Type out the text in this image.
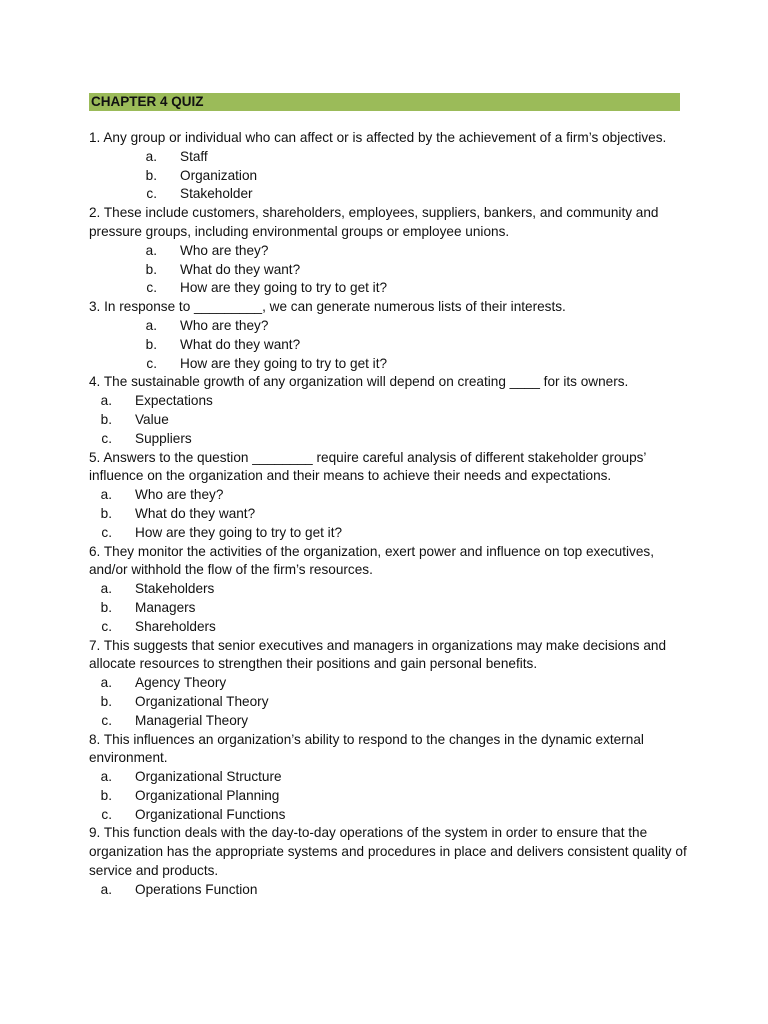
CHAPTER 4 QUIZ

1. Any group or individual who can affect or is affected by the achievement of a firm’s objectives.

a.	Staff
b.	Organization
c.	Stakeholder

2. These include customers, shareholders, employees, suppliers, bankers, and community and pressure groups, including environmental groups or employee unions.

a.	Who are they?
b.	What do they want?
c.	How are they going to try to get it?

3. In response to _________, we can generate numerous lists of their interests.

a.	Who are they?
b.	What do they want?
c.	How are they going to try to get it?

4. The sustainable growth of any organization will depend on creating ____ for its owners.

a.	Expectations
b.	Value
c.	Suppliers

5. Answers to the question ________ require careful analysis of different stakeholder groups’ influence on the organization and their means to achieve their needs and expectations.

a.	Who are they?
b.	What do they want?
c.	How are they going to try to get it?

6. They monitor the activities of the organization, exert power and influence on top executives, and/or withhold the flow of the firm’s resources.

a.	Stakeholders
b.	Managers
c.	Shareholders

7. This suggests that senior executives and managers in organizations may make decisions and allocate resources to strengthen their positions and gain personal benefits.

a.	Agency Theory
b.	Organizational Theory
c.	Managerial Theory

8. This influences an organization’s ability to respond to the changes in the dynamic external environment.

a.	Organizational Structure
b.	Organizational Planning
c.	Organizational Functions

9. This function deals with the day-to-day operations of the system in order to ensure that the organization has the appropriate systems and procedures in place and delivers consistent quality of service and products.

a.	Operations Function
